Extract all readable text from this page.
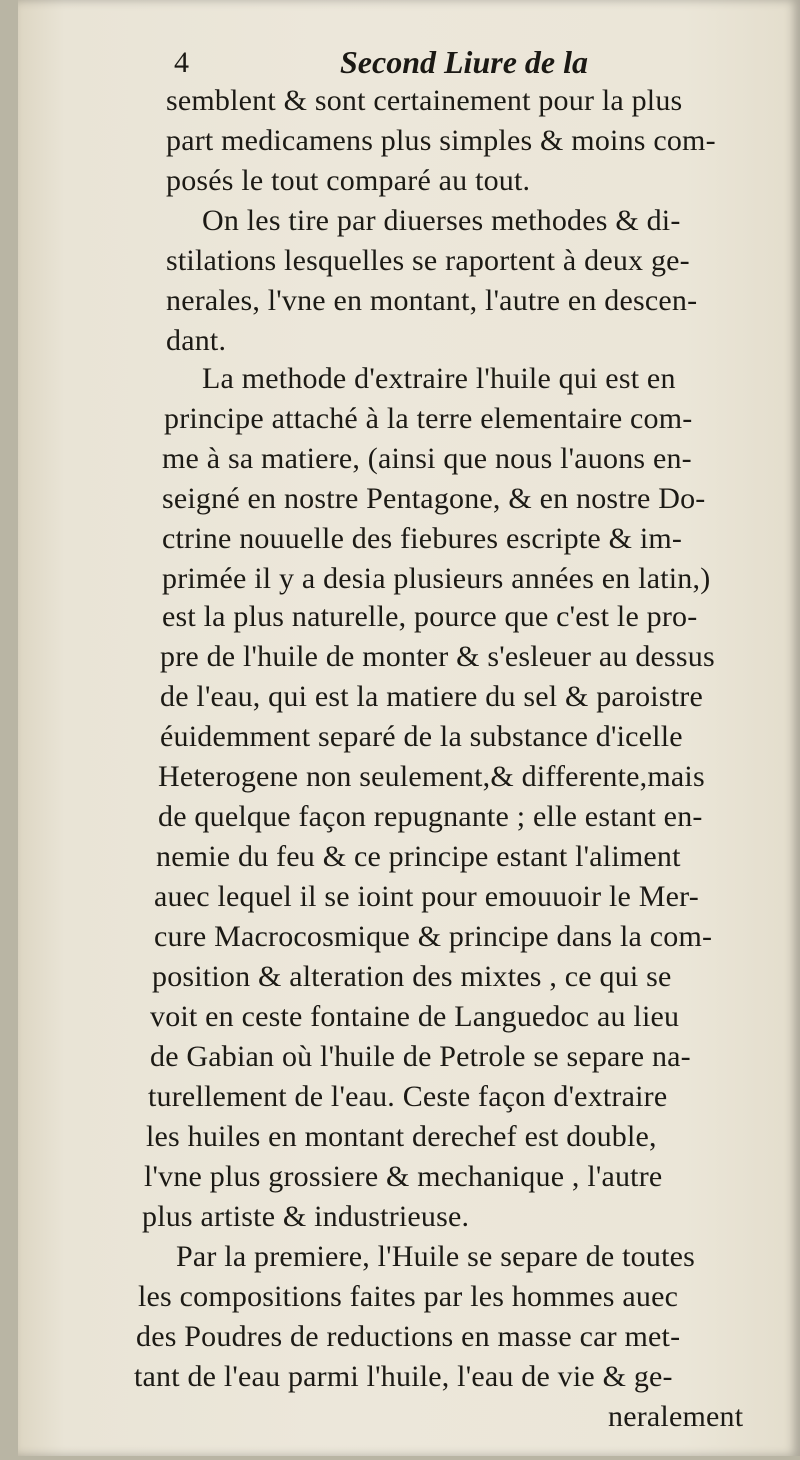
4	Second Liure de la
semblent & sont certainement pour la plus
part medicamens plus simples & moins com-
posés le tout comparé au tout.
On les tire par diuerses methodes & di-
stilations lesquelles se raportent à deux ge-
nerales, l'vne en montant, l'autre en descen-
dant.
La methode d'extraire l'huile qui est en
principe attaché à la terre elementaire com-
me à sa matiere, (ainsi que nous l'auons en-
seigné en nostre Pentagone, & en nostre Do-
ctrine nouuelle des fiebures escripte & im-
primée il y a desia plusieurs années en latin,)
est la plus naturelle, pource que c'est le pro-
pre de l'huile de monter & s'esleuer au dessus
de l'eau, qui est la matiere du sel & paroistre
éuidemment separé de la substance d'icelle
Heterogene non seulement,& differente,mais
de quelque façon repugnante ; elle estant en-
nemie du feu & ce principe estant l'aliment
auec lequel il se ioint pour emouuoir le Mer-
cure Macrocosmique & principe dans la com-
position & alteration des mixtes , ce qui se
voit en ceste fontaine de Languedoc au lieu
de Gabian où l'huile de Petrole se separe na-
turellement de l'eau. Ceste façon d'extraire
les huiles en montant derechef est double,
l'vne plus grossiere & mechanique , l'autre
plus artiste & industrieuse.
Par la premiere, l'Huile se separe de toutes
les compositions faites par les hommes auec
des Poudres de reductions en masse car met-
tant de l'eau parmi l'huile, l'eau de vie & ge-
neralement
